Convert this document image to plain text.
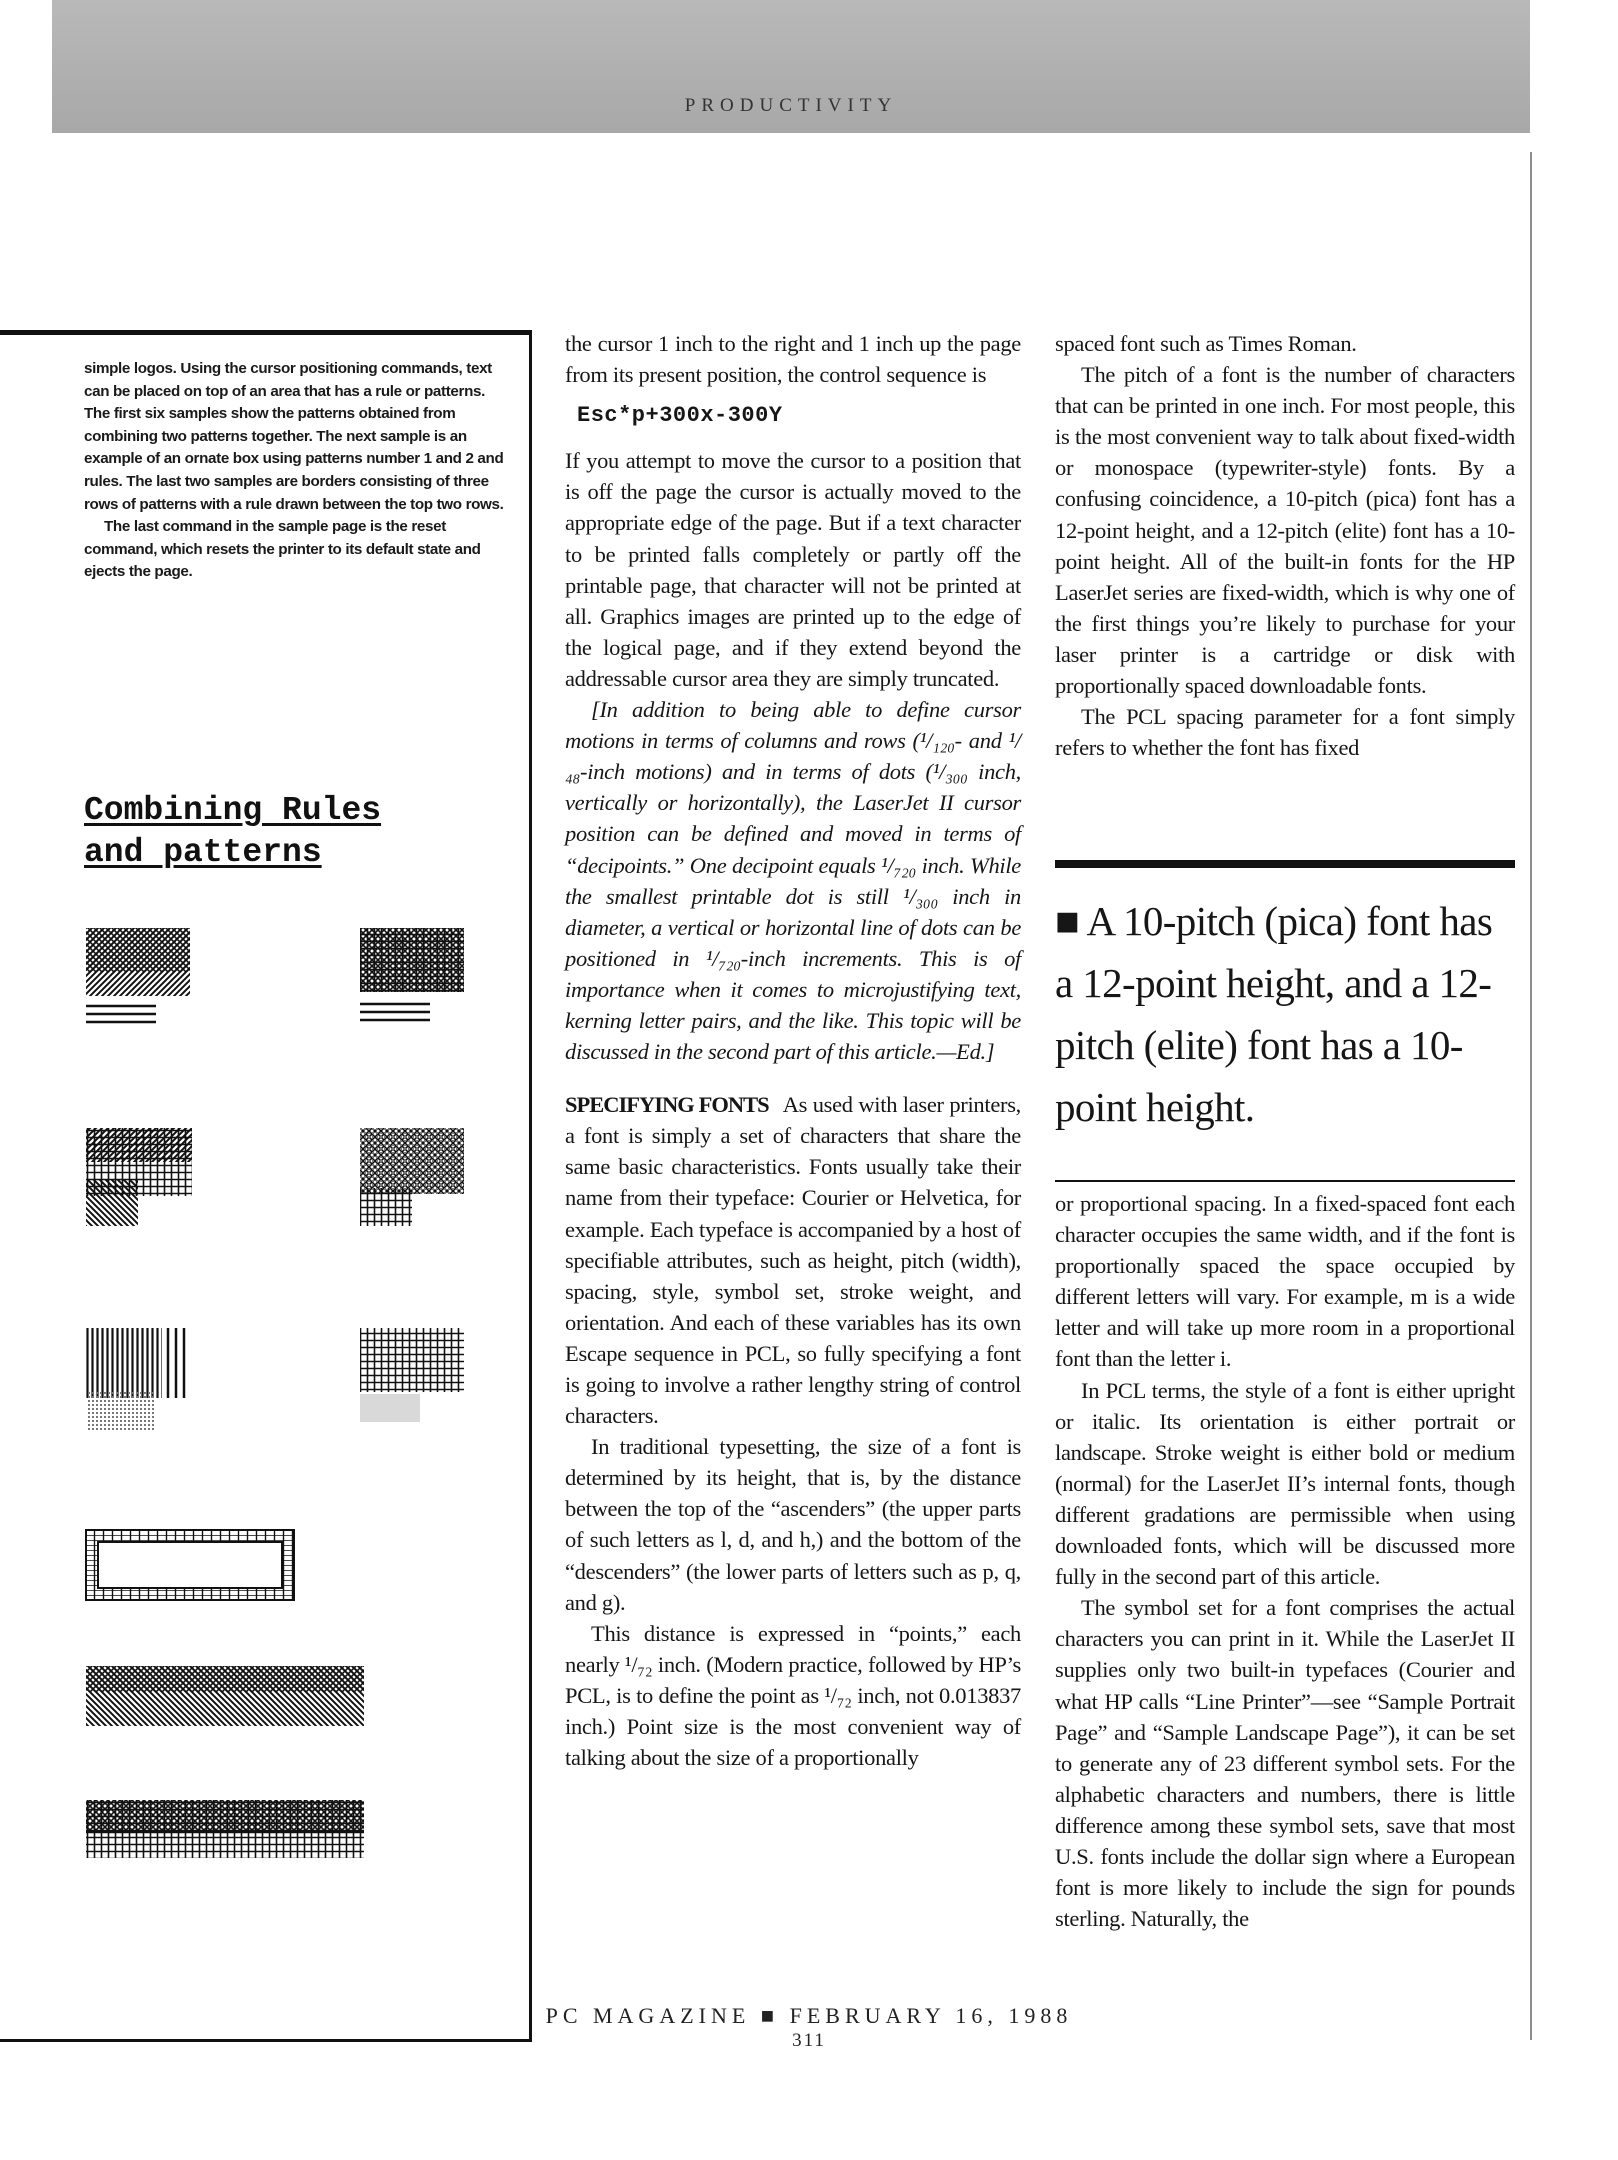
PRODUCTIVITY

simple logos. Using the cursor positioning commands, text can be placed on top of an area that has a rule or patterns. The first six samples show the patterns obtained from combining two patterns together. The next sample is an example of an ornate box using patterns number 1 and 2 and rules. The last two samples are borders consisting of three rows of patterns with a rule drawn between the top two rows.

The last command in the sample page is the reset command, which resets the printer to its default state and ejects the page.

Combining Rules
and patterns

the cursor 1 inch to the right and 1 inch up the page from its present position, the control sequence is

Esc*p+300x-300Y

If you attempt to move the cursor to a position that is off the page the cursor is actually moved to the appropriate edge of the page. But if a text character to be printed falls completely or partly off the printable page, that character will not be printed at all. Graphics images are printed up to the edge of the logical page, and if they extend beyond the addressable cursor area they are simply truncated.

[In addition to being able to define cursor motions in terms of columns and rows (¹/₁₂₀- and ¹/₄₈-inch motions) and in terms of dots (¹/₃₀₀ inch, vertically or horizontally), the LaserJet II cursor position can be defined and moved in terms of “decipoints.” One decipoint equals ¹/₇₂₀ inch. While the smallest printable dot is still ¹/₃₀₀ inch in diameter, a vertical or horizontal line of dots can be positioned in ¹/₇₂₀-inch increments. This is of importance when it comes to microjustifying text, kerning letter pairs, and the like. This topic will be discussed in the second part of this article.—Ed.]

SPECIFYING FONTS As used with laser printers, a font is simply a set of characters that share the same basic characteristics. Fonts usually take their name from their typeface: Courier or Helvetica, for example. Each typeface is accompanied by a host of specifiable attributes, such as height, pitch (width), spacing, style, symbol set, stroke weight, and orientation. And each of these variables has its own Escape sequence in PCL, so fully specifying a font is going to involve a rather lengthy string of control characters.

In traditional typesetting, the size of a font is determined by its height, that is, by the distance between the top of the “ascenders” (the upper parts of such letters as l, d, and h,) and the bottom of the “descenders” (the lower parts of letters such as p, q, and g).

This distance is expressed in “points,” each nearly ¹/₇₂ inch. (Modern practice, followed by HP’s PCL, is to define the point as ¹/₇₂ inch, not 0.013837 inch.) Point size is the most convenient way of talking about the size of a proportionally

spaced font such as Times Roman.

The pitch of a font is the number of characters that can be printed in one inch. For most people, this is the most convenient way to talk about fixed-width or monospace (typewriter-style) fonts. By a confusing coincidence, a 10-pitch (pica) font has a 12-point height, and a 12-pitch (elite) font has a 10-point height. All of the built-in fonts for the HP LaserJet series are fixed-width, which is why one of the first things you’re likely to purchase for your laser printer is a cartridge or disk with proportionally spaced downloadable fonts.

The PCL spacing parameter for a font simply refers to whether the font has fixed

■ A 10-pitch (pica) font has a 12-point height, and a 12-pitch (elite) font has a 10-point height.

or proportional spacing. In a fixed-spaced font each character occupies the same width, and if the font is proportionally spaced the space occupied by different letters will vary. For example, m is a wide letter and will take up more room in a proportional font than the letter i.

In PCL terms, the style of a font is either upright or italic. Its orientation is either portrait or landscape. Stroke weight is either bold or medium (normal) for the LaserJet II’s internal fonts, though different gradations are permissible when using downloaded fonts, which will be discussed more fully in the second part of this article.

The symbol set for a font comprises the actual characters you can print in it. While the LaserJet II supplies only two built-in typefaces (Courier and what HP calls “Line Printer”—see “Sample Portrait Page” and “Sample Landscape Page”), it can be set to generate any of 23 different symbol sets. For the alphabetic characters and numbers, there is little difference among these symbol sets, save that most U.S. fonts include the dollar sign where a European font is more likely to include the sign for pounds sterling. Naturally, the

PC MAGAZINE ■ FEBRUARY 16, 1988
311
